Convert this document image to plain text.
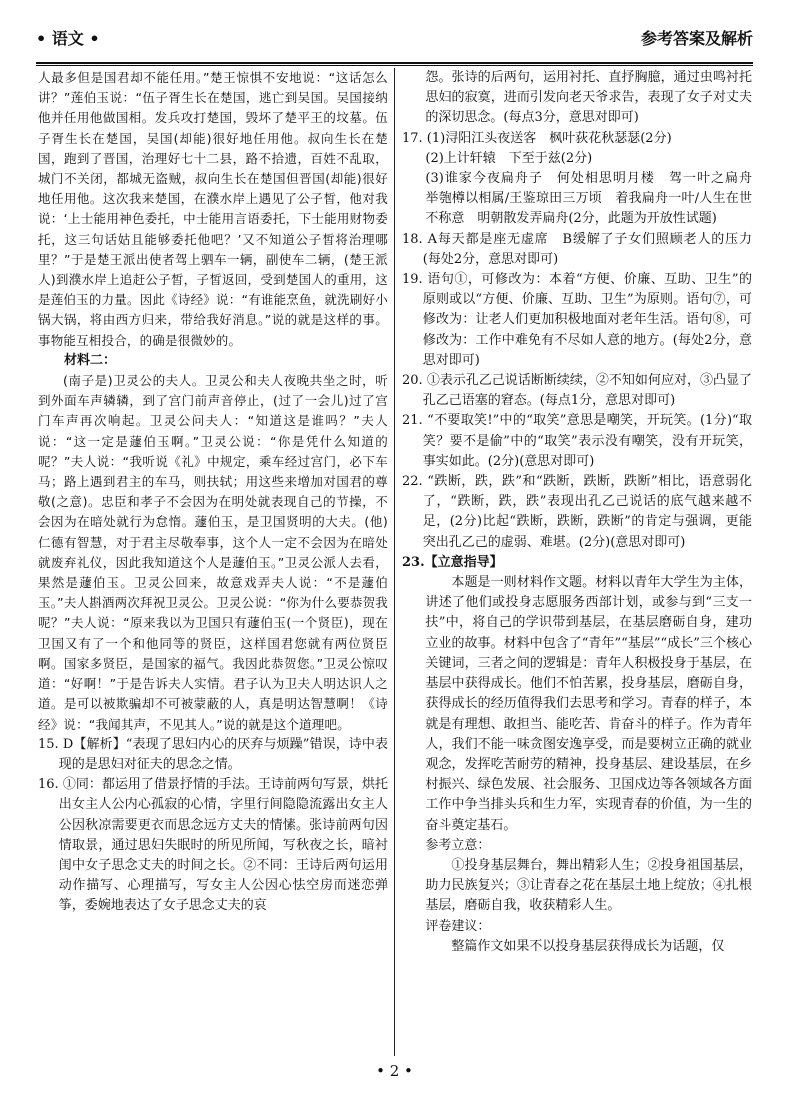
• 语文 •	参考答案及解析

人最多但是国君却不能任用。”楚王惊惧不安地说：“这话怎么讲？”莲伯玉说：“伍子胥生长在楚国，逃亡到吴国。吴国接纳他并任用他做国相。发兵攻打楚国，毁坏了楚平王的坟墓。伍子胥生长在楚国，吴国(却能)很好地任用他。叔向生长在楚国，跑到了晋国，治理好七十二县，路不拾遗，百姓不乱取，城门不关闭，都城无盗贼，叔向生长在楚国但晋国(却能)很好地任用他。这次我来楚国，在濮水岸上遇见了公子皙，他对我说：‘上士能用神色委托，中士能用言语委托，下士能用财物委托，这三句话姑且能够委托他吧？’又不知道公子皙将治理哪里？”于是楚王派出使者驾上驷车一辆，副使车二辆，(楚王派人)到濮水岸上追赶公子皙，子皙返回，受到楚国人的重用，这是莲伯玉的力量。因此《诗经》说：“有谁能烹鱼，就洗刷好小锅大锅，将由西方归来，带给我好消息。”说的就是这样的事。事物能互相投合，的确是很微妙的。

材料二：

(南子是)卫灵公的夫人。卫灵公和夫人夜晚共坐之时，听到外面车声辚辚，到了宫门前声音停止，(过了一会儿)过了宫门车声再次响起。卫灵公问夫人：“知道这是谁吗？”夫人说：“这一定是蘧伯玉啊。”卫灵公说：“你是凭什么知道的呢？”夫人说：“我听说《礼》中规定，乘车经过宫门，必下车马；路上遇到君主的车马，则扶轼；用这些来增加对国君的尊敬(之意)。忠臣和孝子不会因为在明处就表现自己的节操，不会因为在暗处就行为怠惰。蘧伯玉，是卫国贤明的大夫。(他)仁德有智慧，对于君主尽敬奉事，这个人一定不会因为在暗处就废弃礼仪，因此我知道这个人是蘧伯玉。”卫灵公派人去看，果然是蘧伯玉。卫灵公回来，故意戏弄夫人说：“不是蘧伯玉。”夫人斟酒两次拜祝卫灵公。卫灵公说：“你为什么要恭贺我呢？”夫人说：“原来我以为卫国只有蘧伯玉(一个贤臣)，现在卫国又有了一个和他同等的贤臣，这样国君您就有两位贤臣啊。国家多贤臣，是国家的福气。我因此恭贺您。”卫灵公惊叹道：“好啊！”于是告诉夫人实情。君子认为卫夫人明达识人之道。是可以被欺骗却不可被蒙蔽的人，真是明达智慧啊！《诗经》说：“我闻其声，不见其人。”说的就是这个道理吧。

15. D【解析】“表现了思妇内心的厌弃与烦躁”错误，诗中表现的是思妇对征夫的思念之情。

16. ①同：都运用了借景抒情的手法。王诗前两句写景，烘托出女主人公内心孤寂的心情，字里行间隐隐流露出女主人公因秋凉需要更衣而思念远方丈夫的情愫。张诗前两句因情取景，通过思妇失眠时的所见所闻，写秋夜之长，暗衬闺中女子思念丈夫的时间之长。②不同：王诗后两句运用动作描写、心理描写，写女主人公因心怯空房而迷恋弹筝，委婉地表达了女子思念丈夫的哀

怨。张诗的后两句，运用衬托、直抒胸臆，通过虫鸣衬托思妇的寂寞，进而引发向老天爷求告，表现了女子对丈夫的深切思念。(每点3分，意思对即可)

17. (1)浔阳江头夜送客　枫叶荻花秋瑟瑟(2分)

(2)上计轩辕　下至于兹(2分)

(3)谁家今夜扁舟子　何处相思明月楼　驾一叶之扁舟　举匏樽以相属/王鉴琼田三万顷　着我扁舟一叶/人生在世不称意　明朝散发弄扁舟(2分，此题为开放性试题)

18. A每天都是座无虚席　B缓解了子女们照顾老人的压力　(每处2分，意思对即可)

19. 语句①，可修改为：本着“方便、价廉、互助、卫生”的原则或以“方便、价廉、互助、卫生”为原则。语句⑦，可修改为：让老人们更加积极地面对老年生活。语句⑧，可修改为：工作中难免有不尽如人意的地方。(每处2分，意思对即可)

20. ①表示孔乙己说话断断续续，②不知如何应对，③凸显了孔乙己语塞的窘态。(每点1分，意思对即可)

21. “不要取笑!”中的“取笑”意思是嘲笑，开玩笑。(1分)“取笑？要不是偷”中的“取笑”表示没有嘲笑，没有开玩笑，事实如此。(2分)(意思对即可)

22. “跌断，跌，跌”和“跌断，跌断，跌断”相比，语意弱化了，“跌断，跌，跌”表现出孔乙己说话的底气越来越不足，(2分)比起“跌断，跌断，跌断”的肯定与强调，更能突出孔乙己的虚弱、难堪。(2分)(意思对即可)

23.【立意指导】

本题是一则材料作文题。材料以青年大学生为主体，讲述了他们或投身志愿服务西部计划，或参与到“三支一扶”中，将自己的学识带到基层，在基层磨砺自身，建功立业的故事。材料中包含了“青年”“基层”“成长”三个核心关键词，三者之间的逻辑是：青年人积极投身于基层，在基层中获得成长。他们不怕苦累，投身基层，磨砺自身，获得成长的经历值得我们去思考和学习。青春的样子，本就是有理想、敢担当、能吃苦、肯奋斗的样子。作为青年人，我们不能一味贪图安逸享受，而是要树立正确的就业观念，发挥吃苦耐劳的精神，投身基层、建设基层，在乡村振兴、绿色发展、社会服务、卫国戍边等各领域各方面工作中争当排头兵和生力军，实现青春的价值，为一生的奋斗奠定基石。

参考立意：

①投身基层舞台，舞出精彩人生；②投身祖国基层，助力民族复兴；③让青春之花在基层土地上绽放；④扎根基层，磨砺自我，收获精彩人生。

评卷建议：

整篇作文如果不以投身基层获得成长为话题，仅

• 2 •
